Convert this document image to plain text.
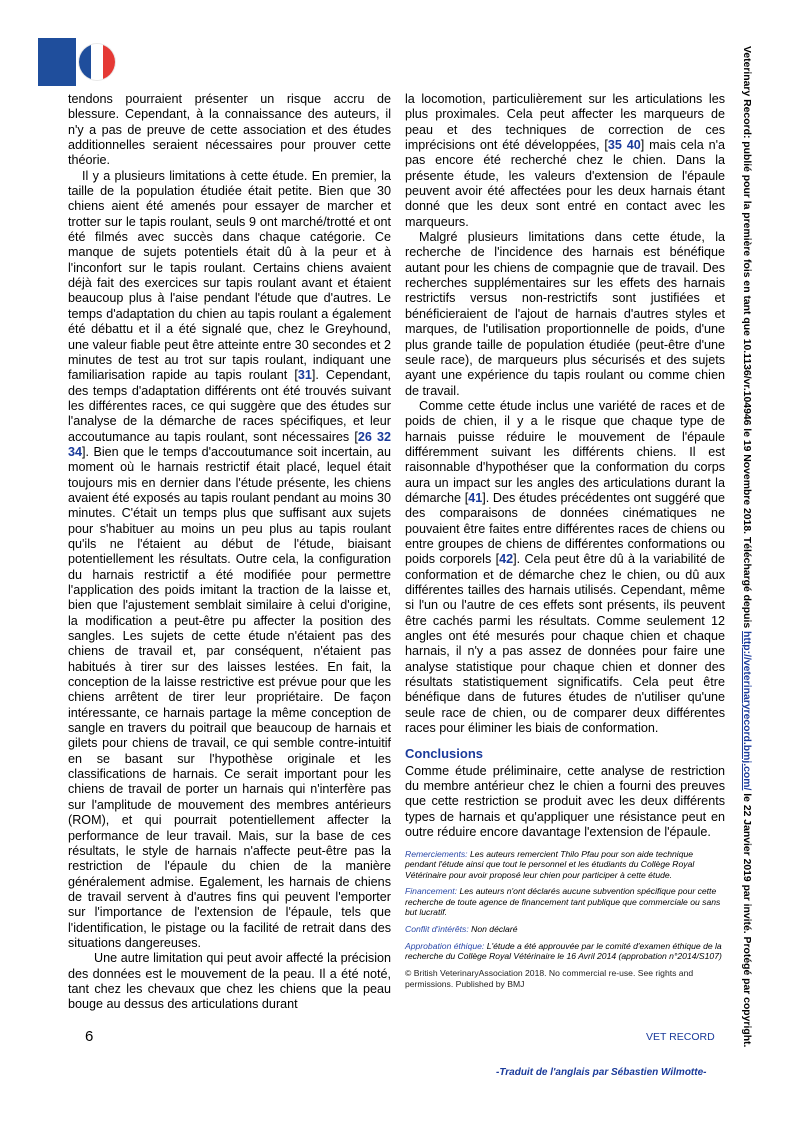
tendons pourraient présenter un risque accru de blessure. Cependant, à la connaissance des auteurs, il n'y a pas de preuve de cette association et des études additionnelles seraient nécessaires pour prouver cette théorie.

Il y a plusieurs limitations à cette étude. En premier, la taille de la population étudiée était petite. Bien que 30 chiens aient été amenés pour essayer de marcher et trotter sur le tapis roulant, seuls 9 ont marché/trotté et ont été filmés avec succès dans chaque catégorie. Ce manque de sujets potentiels était dû à la peur et à l'inconfort sur le tapis roulant. Certains chiens avaient déjà fait des exercices sur tapis roulant avant et étaient beaucoup plus à l'aise pendant l'étude que d'autres. Le temps d'adaptation du chien au tapis roulant a également été débattu et il a été signalé que, chez le Greyhound, une valeur fiable peut être atteinte entre 30 secondes et 2 minutes de test au trot sur tapis roulant, indiquant une familiarisation rapide au tapis roulant [31]. Cependant, des temps d'adaptation différents ont été trouvés suivant les différentes races, ce qui suggère que des études sur l'analyse de la démarche de races spécifiques, et leur accoutumance au tapis roulant, sont nécessaires [26 32 34]. Bien que le temps d'accoutumance soit incertain, au moment où le harnais restrictif était placé, lequel était toujours mis en dernier dans l'étude présente, les chiens avaient été exposés au tapis roulant pendant au moins 30 minutes. C'était un temps plus que suffisant aux sujets pour s'habituer au moins un peu plus au tapis roulant qu'ils ne l'étaient au début de l'étude, biaisant potentiellement les résultats. Outre cela, la configuration du harnais restrictif a été modifiée pour permettre l'application des poids imitant la traction de la laisse et, bien que l'ajustement semblait similaire à celui d'origine, la modification a peut-être pu affecter la position des sangles. Les sujets de cette étude n'étaient pas des chiens de travail et, par conséquent, n'étaient pas habitués à tirer sur des laisses lestées. En fait, la conception de la laisse restrictive est prévue pour que les chiens arrêtent de tirer leur propriétaire. De façon intéressante, ce harnais partage la même conception de sangle en travers du poitrail que beaucoup de harnais et gilets pour chiens de travail, ce qui semble contre-intuitif en se basant sur l'hypothèse originale et les classifications de harnais. Ce serait important pour les chiens de travail de porter un harnais qui n'interfère pas sur l'amplitude de mouvement des membres antérieurs (ROM), et qui pourrait potentiellement affecter la performance de leur travail. Mais, sur la base de ces résultats, le style de harnais n'affecte peut-être pas la restriction de l'épaule du chien de la manière généralement admise. Egalement, les harnais de chiens de travail servent à d'autres fins qui peuvent l'emporter sur l'importance de l'extension de l'épaule, tels que l'identification, le pistage ou la facilité de retrait dans des situations dangereuses.

Une autre limitation qui peut avoir affecté la précision des données est le mouvement de la peau. Il a été noté, tant chez les chevaux que chez les chiens que la peau bouge au dessus des articulations durant

la locomotion, particulièrement sur les articulations les plus proximales. Cela peut affecter les marqueurs de peau et des techniques de correction de ces imprécisions ont été développées, [35 40] mais cela n'a pas encore été recherché chez le chien. Dans la présente étude, les valeurs d'extension de l'épaule peuvent avoir été affectées pour les deux harnais étant donné que les deux sont entré en contact avec les marqueurs.

Malgré plusieurs limitations dans cette étude, la recherche de l'incidence des harnais est bénéfique autant pour les chiens de compagnie que de travail. Des recherches supplémentaires sur les effets des harnais restrictifs versus non-restrictifs sont justifiées et bénéficieraient de l'ajout de harnais d'autres styles et marques, de l'utilisation proportionnelle de poids, d'une plus grande taille de population étudiée (peut-être d'une seule race), de marqueurs plus sécurisés et des sujets ayant une expérience du tapis roulant ou comme chien de travail.

Comme cette étude inclus une variété de races et de poids de chien, il y a le risque que chaque type de harnais puisse réduire le mouvement de l'épaule différemment suivant les différents chiens. Il est raisonnable d'hypothéser que la conformation du corps aura un impact sur les angles des articulations durant la démarche [41]. Des études précédentes ont suggéré que des comparaisons de données cinématiques ne pouvaient être faites entre différentes races de chiens ou entre groupes de chiens de différentes conformations ou poids corporels [42]. Cela peut être dû à la variabilité de conformation et de démarche chez le chien, ou dû aux différentes tailles des harnais utilisés. Cependant, même si l'un ou l'autre de ces effets sont présents, ils peuvent être cachés parmi les résultats. Comme seulement 12 angles ont été mesurés pour chaque chien et chaque harnais, il n'y a pas assez de données pour faire une analyse statistique pour chaque chien et donner des résultats statistiquement significatifs. Cela peut être bénéfique dans de futures études de n'utiliser qu'une seule race de chien, ou de comparer deux différentes races pour éliminer les biais de conformation.

Conclusions

Comme étude préliminaire, cette analyse de restriction du membre antérieur chez le chien a fourni des preuves que cette restriction se produit avec les deux différents types de harnais et qu'appliquer une résistance peut en outre réduire encore davantage l'extension de l'épaule.

Remerciements: Les auteurs remercient Thilo Pfau pour son aide technique pendant l'étude ainsi que tout le personnel et les étudiants du Collège Royal Vétérinaire pour avoir proposé leur chien pour participer à cette étude.

Financement: Les auteurs n'ont déclarés aucune subvention spécifique pour cette recherche de toute agence de financement tant publique que commerciale ou sans but lucratif.

Conflit d'intérêts: Non déclaré

Approbation éthique: L'étude a été approuvée par le comité d'examen éthique de la recherche du Collège Royal Vétérinaire le 16 Avril 2014 (approbation n°2014/S107)

© British VeterinaryAssociation 2018. No commercial re-use. See rights and permissions. Published by BMJ

6	VET RECORD
-Traduit de l'anglais par Sébastien Wilmotte-
Veterinary Record: publié pour la première fois en tant que 10.1136/vr.104946 le 19 Novembre 2018. Téléchargé depuis http://veterinaryrecord.bmj.com/ le 22 Janvier 2019 par invité. Protégé par copyright.
